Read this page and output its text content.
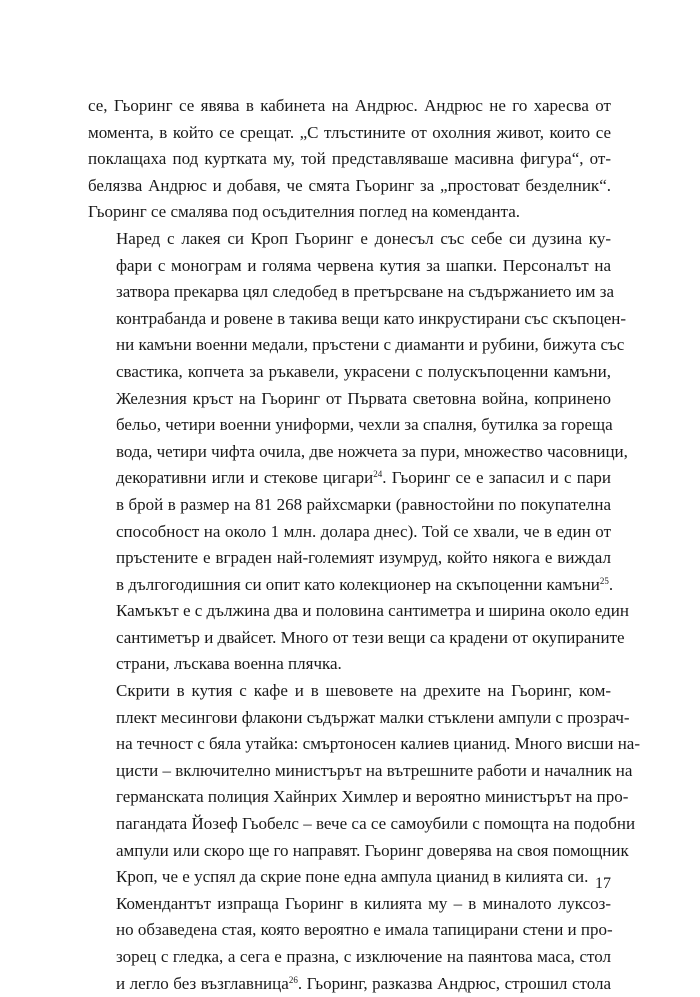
се, Гьоринг се явява в кабинета на Андрюс. Андрюс не го харесва от
момента, в който се срещат. „С тлъстините от охолния живот, които се
поклащаха под куртката му, той представляваше масивна фигура“, от-
белязва Андрюс и добавя, че смята Гьоринг за „простоват безделник“.
Гьоринг се смалява под осъдителния поглед на коменданта.

Наред с лакея си Кроп Гьоринг е донесъл със себе си дузина ку-
фари с монограм и голяма червена кутия за шапки. Персоналът на
затвора прекарва цял следобед в претърсване на съдържанието им за
контрабанда и ровене в такива вещи като инкрустирани със скъпоцен-
ни камъни военни медали, пръстени с диаманти и рубини, бижута със
свастика, копчета за ръкавели, украсени с полускъпоценни камъни,
Железния кръст на Гьоринг от Първата световна война, коприненo
бельо, четири военни униформи, чехли за спалня, бутилка за гореща
вода, четири чифта очила, две ножчета за пури, множество часовници,
декоративни игли и стекове цигари$^{24}$. Гьоринг се е запасил и с пари
в брой в размер на 81 268 райхсмарки (равностойни по покупателна
способност на около 1 млн. долара днес). Той се хвали, че в един от
пръстените е вграден най-големият изумруд, който някога е виждал
в дългогодишния си опит като колекционер на скъпоценни камъни$^{25}$.
Камъкът е с дължина два и половина сантиметра и ширина около един
сантиметър и двайсет. Много от тези вещи са крадени от окупираните
страни, лъскава военна плячка.

Скрити в кутия с кафе и в шевовете на дрехите на Гьоринг, ком-
плект месингови флакони съдържат малки стъклени ампули с прозрач-
на течност с бяла утайка: смъртоносен калиев цианид. Много висши на-
цисти – включително министърът на вътрешните работи и началник на
германската полиция Хайнрих Химлер и вероятно министърът на про-
пагандата Йозеф Гьобелс – вече са се самоубили с помощта на подобни
ампули или скоро ще го направят. Гьоринг доверява на своя помощник
Кроп, че е успял да скрие поне една ампула цианид в килията си.

Комендантът изпраща Гьоринг в килията му – в миналото луксоз-
но обзаведена стая, която вероятно е имала тапицирани стени и про-
зорец с гледка, а сега е празна, с изключение на паянтова маса, стол
и легло без възглавница$^{26}$. Гьоринг, разказва Андрюс, строшил стола

17
